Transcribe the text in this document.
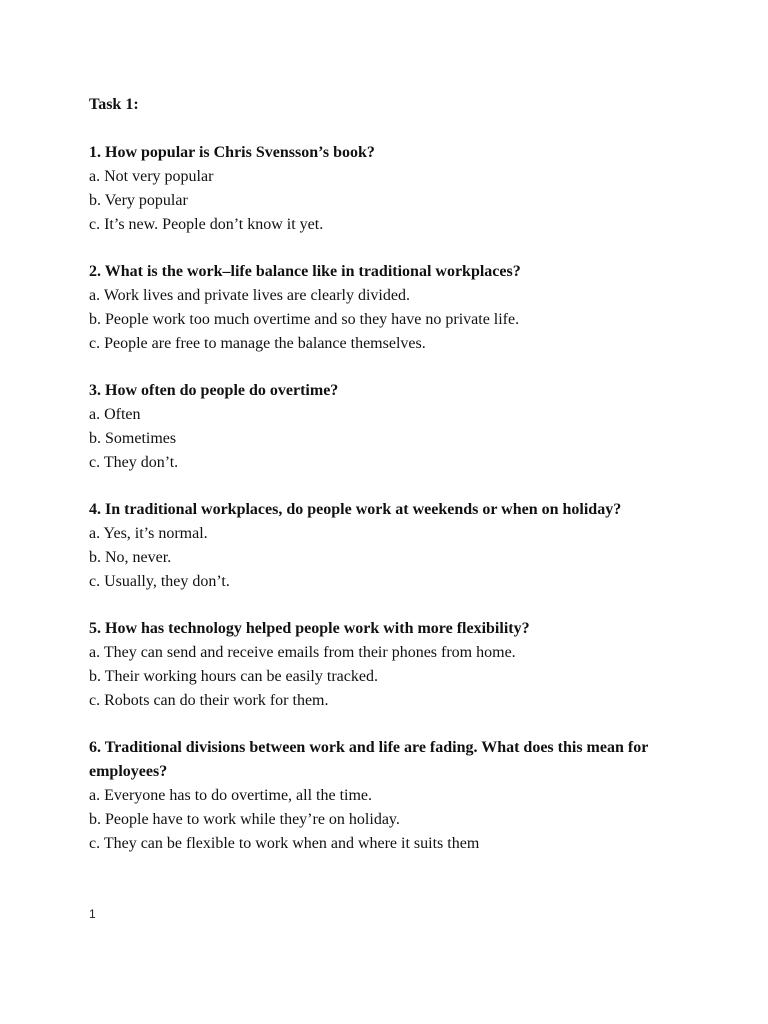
Task 1:

1. How popular is Chris Svensson’s book?

a. Not very popular
b. Very popular
c. It’s new. People don’t know it yet.

2. What is the work–life balance like in traditional workplaces?

a. Work lives and private lives are clearly divided.
b. People work too much overtime and so they have no private life.
c. People are free to manage the balance themselves.

3. How often do people do overtime?

a. Often
b. Sometimes
c. They don’t.

4. In traditional workplaces, do people work at weekends or when on holiday?

a. Yes, it’s normal.
b. No, never.
c. Usually, they don’t.

5. How has technology helped people work with more flexibility?

a. They can send and receive emails from their phones from home.
b. Their working hours can be easily tracked.
c. Robots can do their work for them.

6. Traditional divisions between work and life are fading. What does this mean for employees?

a. Everyone has to do overtime, all the time.
b. People have to work while they’re on holiday.
c. They can be flexible to work when and where it suits them
1
